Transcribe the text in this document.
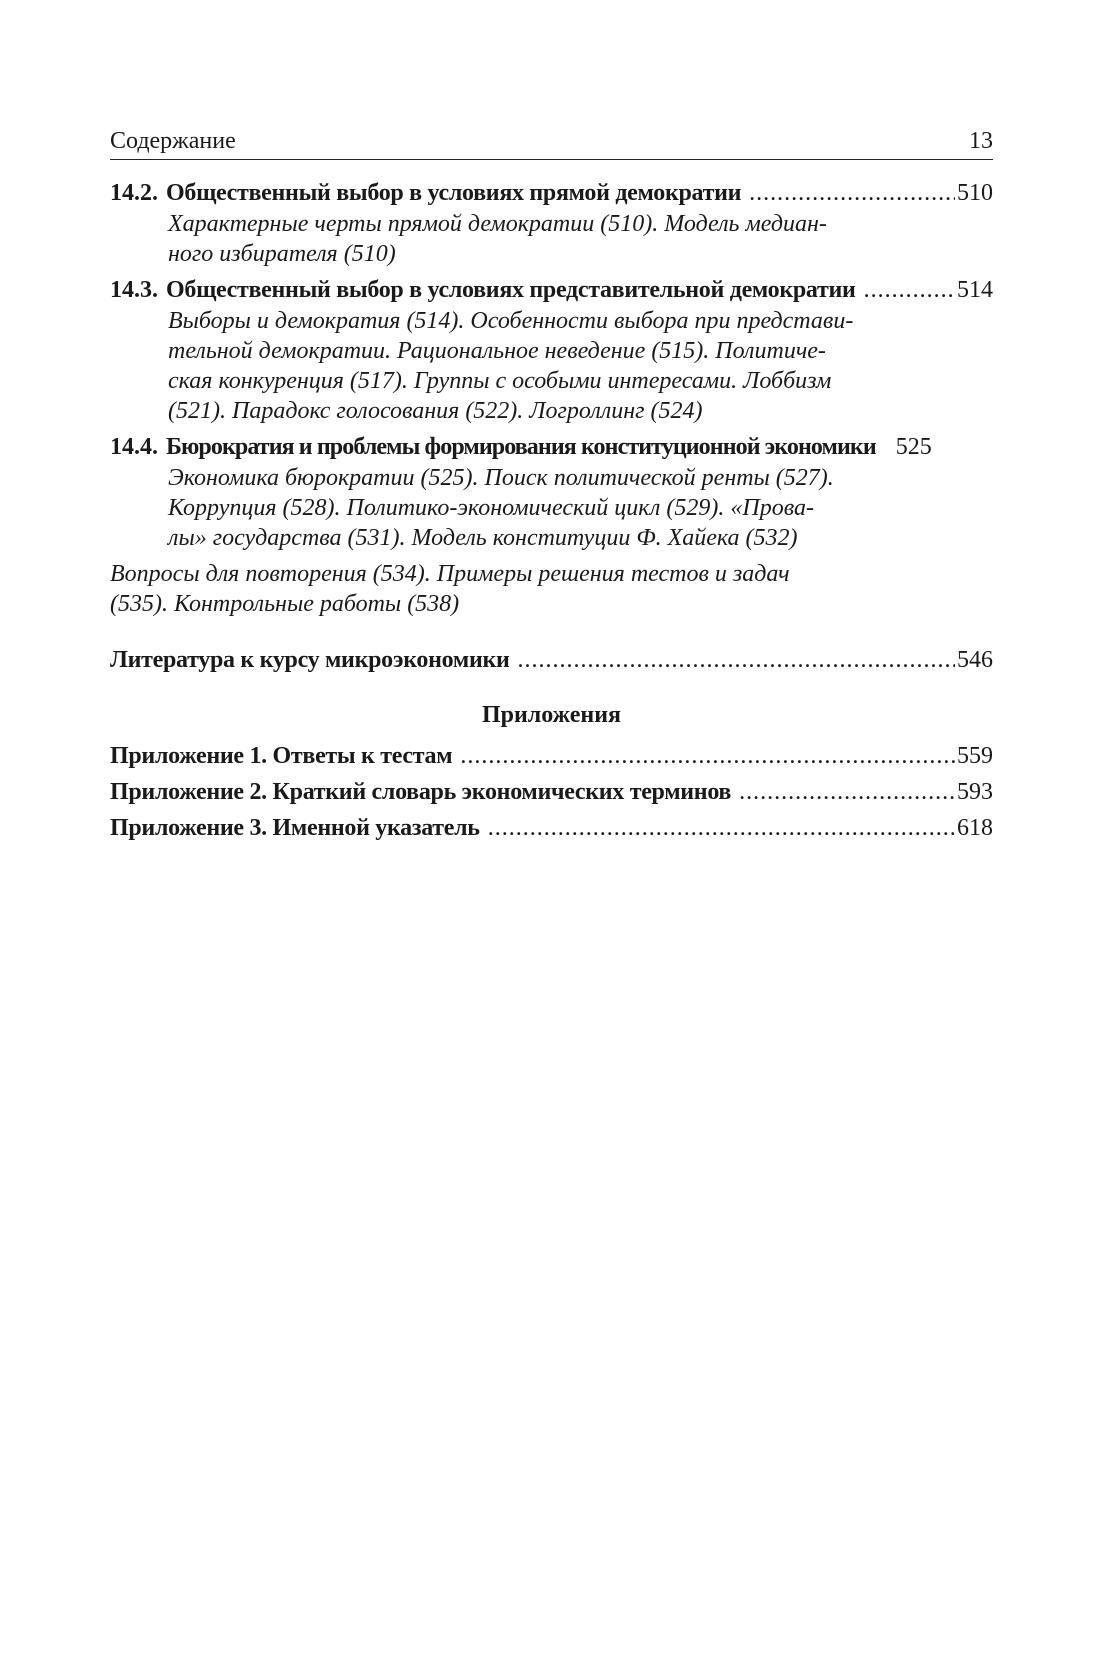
Содержание	13
14.2. Общественный выбор в условиях прямой демократии .....	510
Характерные черты прямой демократии (510). Модель медиан-
ного избирателя (510)
14.3. Общественный выбор в условиях представительной демократии .....	514
Выборы и демократия (514). Особенности выбора при представи-
тельной демократии. Рациональное неведение (515). Политиче-
ская конкуренция (517). Группы с особыми интересами. Лоббизм
(521). Парадокс голосования (522). Логроллинг (524)
14.4. Бюрократия и проблемы формирования конституционной экономики 525
Экономика бюрократии (525). Поиск политической ренты (527).
Коррупция (528). Политико-экономический цикл (529). «Прова-
лы» государства (531). Модель конституции Ф. Хайека (532)
Вопросы для повторения (534). Примеры решения тестов и задач
(535). Контрольные работы (538)
Литература к курсу микроэкономики .....	546
Приложения
Приложение 1. Ответы к тестам .....	559
Приложение 2. Краткий словарь экономических терминов .....	593
Приложение 3. Именной указатель .....	618
